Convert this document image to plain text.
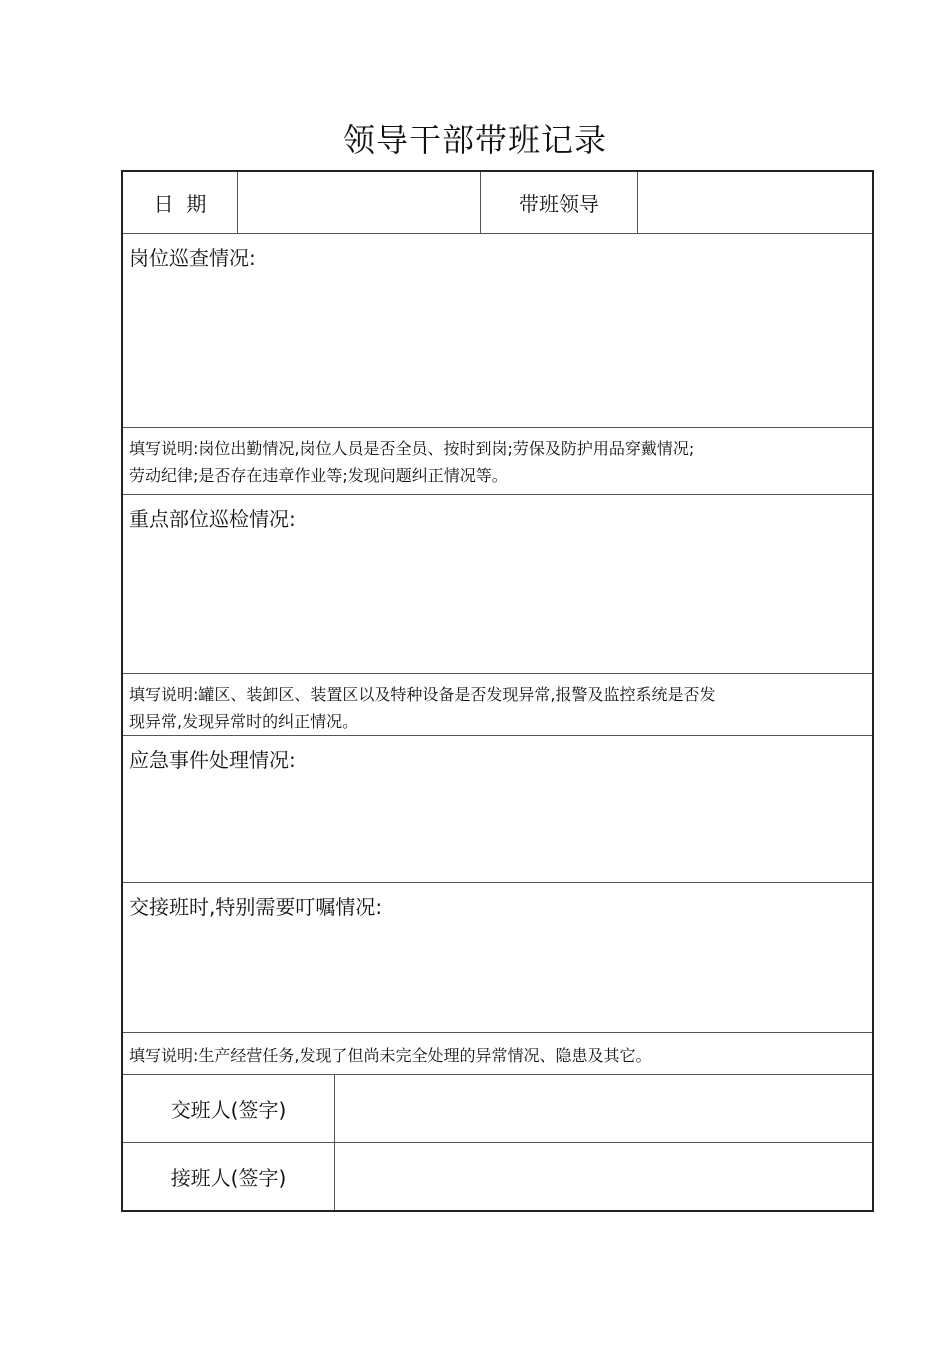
领导干部带班记录
日  期	带班领导
岗位巡查情况:
填写说明:岗位出勤情况,岗位人员是否全员、按时到岗;劳保及防护用品穿戴情况;
劳动纪律;是否存在违章作业等;发现问题纠正情况等。
重点部位巡检情况:
填写说明:罐区、装卸区、装置区以及特种设备是否发现异常,报警及监控系统是否发
现异常,发现异常时的纠正情况。
应急事件处理情况:
交接班时,特别需要叮嘱情况:
填写说明:生产经营任务,发现了但尚未完全处理的异常情况、隐患及其它。
交班人(签字)
接班人(签字)
